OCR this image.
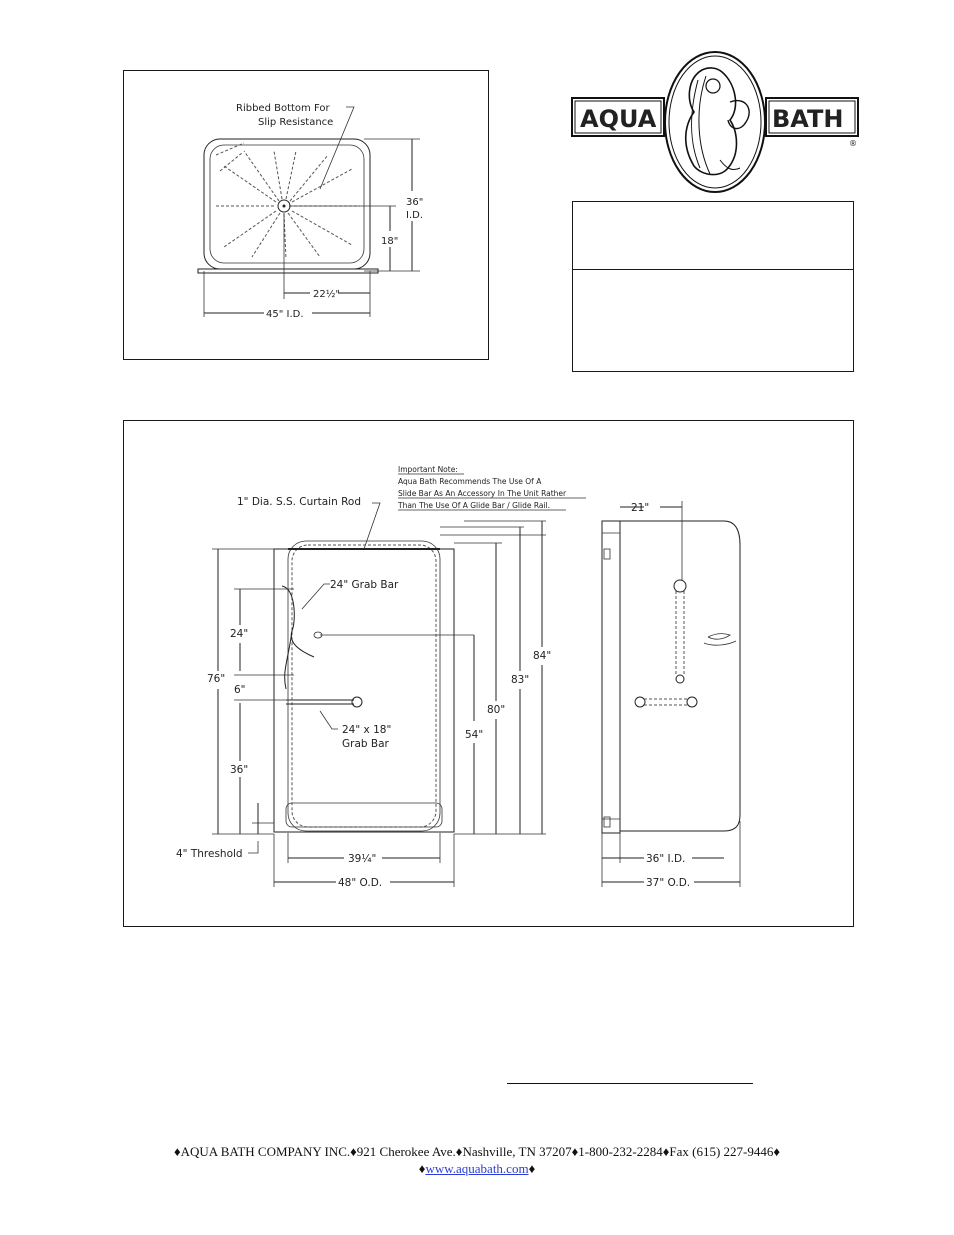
Ribbed Bottom For
Slip Resistance
36"
I.D.
18"
22½"
45" I.D.
AQUA	BATH
®
Important Note:
Aqua Bath Recommends The Use Of A
Slide Bar As An Accessory In The Unit Rather
Than The Use Of A Glide Bar / Glide Rail.
1" Dia. S.S. Curtain Rod
24" Grab Bar
24" x 18"
Grab Bar
76"
24"
6"
36"
4" Threshold	39¼"
48" O.D.
54"
80"
83"
84"
21"
36" I.D.
37" O.D.
♦AQUA BATH COMPANY INC.♦921 Cherokee Ave.♦Nashville, TN 37207♦1-800-232-2284♦Fax (615) 227-9446♦
♦www.aquabath.com♦
